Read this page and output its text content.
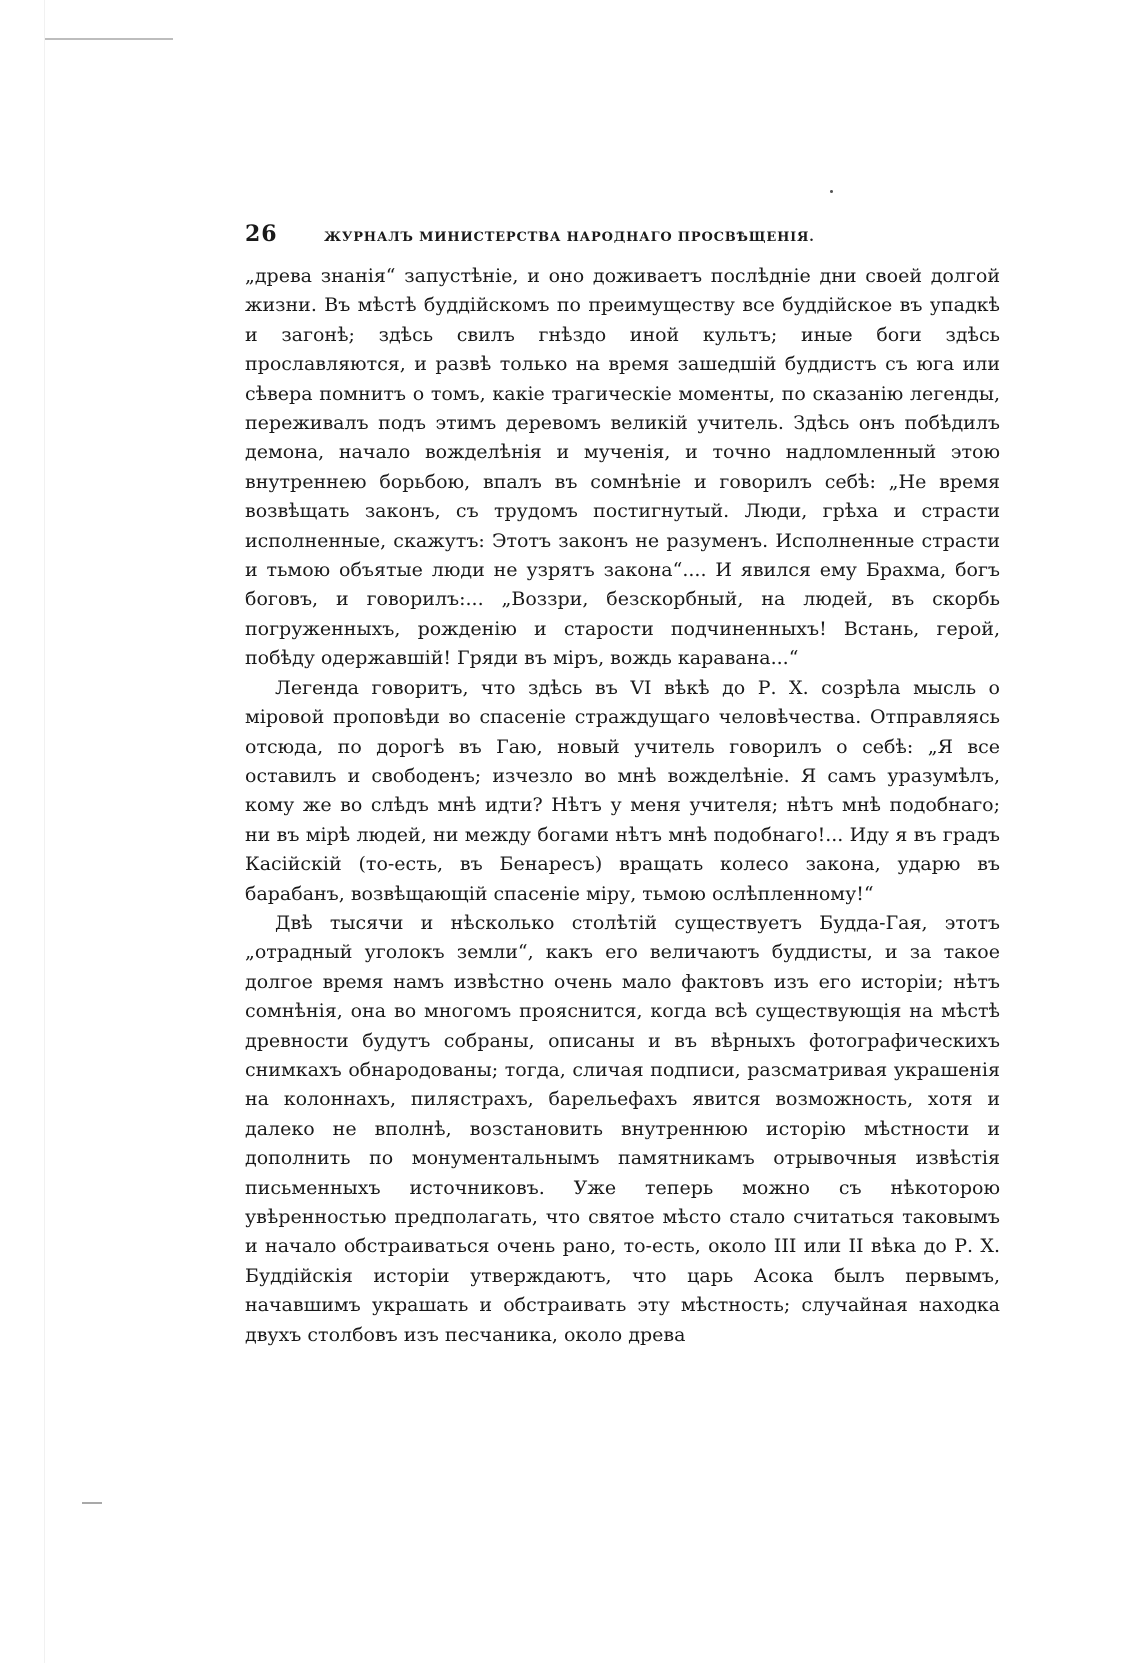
26	ЖУРНАЛЪ МИНИСТЕРСТВА НАРОДНАГО ПРОСВѢЩЕНІЯ.

„древа знанія“ запустѣніе, и оно доживаетъ послѣдніе дни своей долгой жизни. Въ мѣстѣ буддійскомъ по преимуществу все буддійское въ упадкѣ и загонѣ; здѣсь свилъ гнѣздо иной культъ; иные боги здѣсь прославляются, и развѣ только на время зашедшій буддистъ съ юга или сѣвера помнитъ о томъ, какіе трагическіе моменты, по сказанію легенды, переживалъ подъ этимъ деревомъ великій учитель. Здѣсь онъ побѣдилъ демона, начало вожделѣнія и мученія, и точно надломленный этою внутреннею борьбою, впалъ въ сомнѣніе и говорилъ себѣ: „Не время возвѣщать законъ, съ трудомъ постигнутый. Люди, грѣха и страсти исполненные, скажутъ: Этотъ законъ не разуменъ. Исполненные страсти и тьмою объятые люди не узрятъ закона“.... И явился ему Брахма, богъ боговъ, и говорилъ:... „Воззри, безскорбный, на людей, въ скорбь погруженныхъ, рожденію и старости подчиненныхъ! Встань, герой, побѣду одержавшій! Гряди въ міръ, вождь каравана...“

Легенда говоритъ, что здѣсь въ VI вѣкѣ до Р. Х. созрѣла мысль о міровой проповѣди во спасеніе страждущаго человѣчества. Отправляясь отсюда, по дорогѣ въ Гаю, новый учитель говорилъ о себѣ: „Я все оставилъ и свободенъ; изчезло во мнѣ вожделѣніе. Я самъ уразумѣлъ, кому же во слѣдъ мнѣ идти? Нѣтъ у меня учителя; нѣтъ мнѣ подобнаго; ни въ мірѣ людей, ни между богами нѣтъ мнѣ подобнаго!... Иду я въ градъ Касійскій (то-есть, въ Бенаресъ) вращать колесо закона, ударю въ барабанъ, возвѣщающій спасеніе міру, тьмою ослѣпленному!“

Двѣ тысячи и нѣсколько столѣтій существуетъ Будда-Гая, этотъ „отрадный уголокъ земли“, какъ его величаютъ буддисты, и за такое долгое время намъ извѣстно очень мало фактовъ изъ его исторіи; нѣтъ сомнѣнія, она во многомъ прояснится, когда всѣ существующія на мѣстѣ древности будутъ собраны, описаны и въ вѣрныхъ фотографическихъ снимкахъ обнародованы; тогда, сличая подписи, разсматривая украшенія на колоннахъ, пилястрахъ, барельефахъ явится возможность, хотя и далеко не вполнѣ, возстановить внутреннюю исторію мѣстности и дополнить по монументальнымъ памятникамъ отрывочныя извѣстія письменныхъ источниковъ. Уже теперь можно съ нѣкоторою увѣренностью предполагать, что святое мѣсто стало считаться таковымъ и начало обстраиваться очень рано, то-есть, около III или II вѣка до Р. Х. Буддійскія исторіи утверждаютъ, что царь Асока былъ первымъ, начавшимъ украшать и обстраивать эту мѣстность; случайная находка двухъ столбовъ изъ песчаника, около древа
